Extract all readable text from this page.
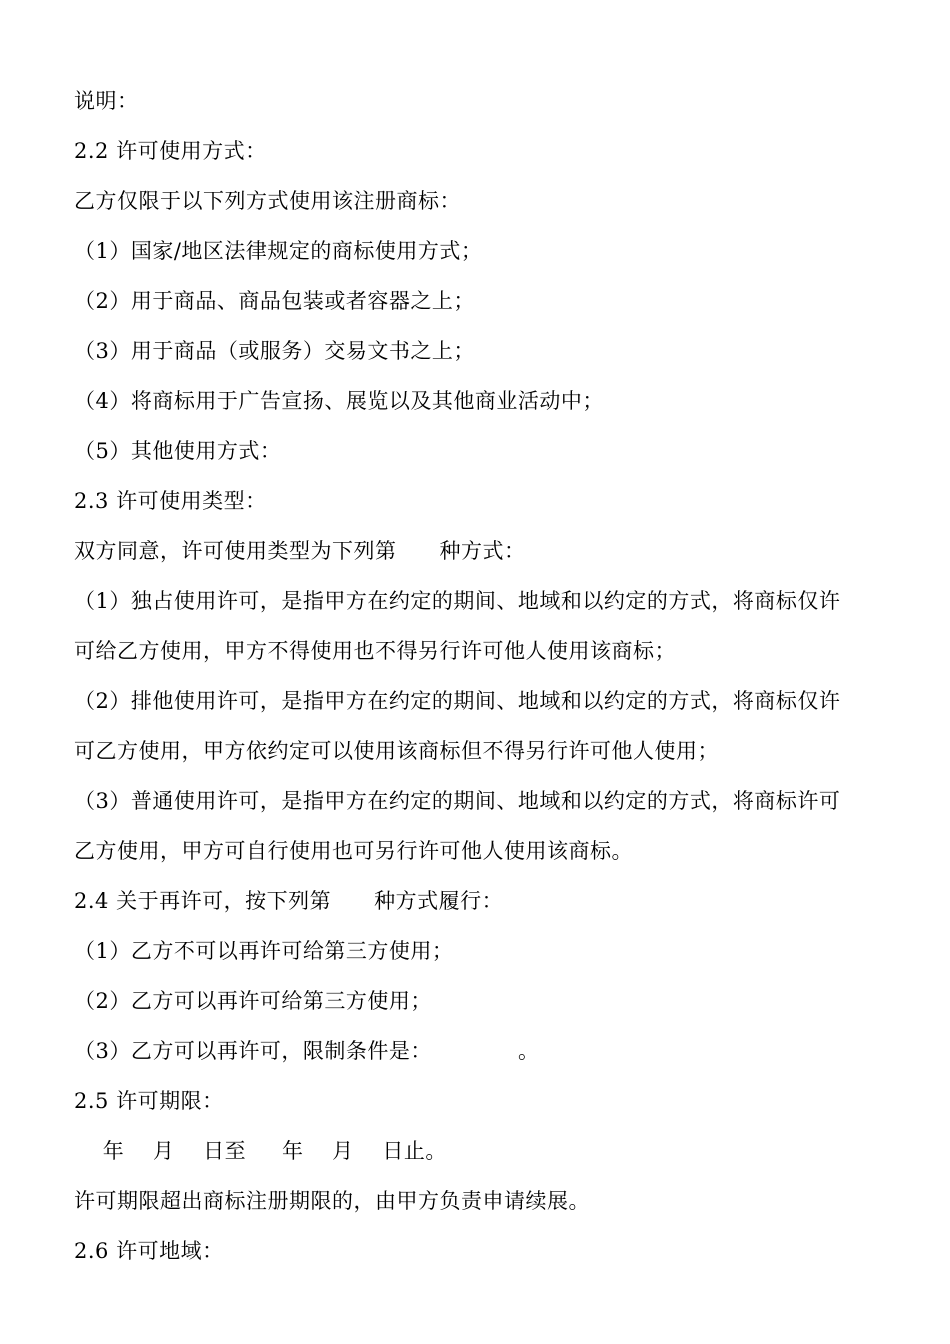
说明：
2.2 许可使用方式：
乙方仅限于以下列方式使用该注册商标：
（1）国家/地区法律规定的商标使用方式；
（2）用于商品、商品包装或者容器之上；
（3）用于商品（或服务）交易文书之上；
（4）将商标用于广告宣扬、展览以及其他商业活动中；
（5）其他使用方式：
2.3 许可使用类型：
双方同意，许可使用类型为下列第      种方式：
（1）独占使用许可，是指甲方在约定的期间、地域和以约定的方式，将商标仅许
可给乙方使用，甲方不得使用也不得另行许可他人使用该商标；
（2）排他使用许可，是指甲方在约定的期间、地域和以约定的方式，将商标仅许
可乙方使用，甲方依约定可以使用该商标但不得另行许可他人使用；
（3）普通使用许可，是指甲方在约定的期间、地域和以约定的方式，将商标许可
乙方使用，甲方可自行使用也可另行许可他人使用该商标。
2.4 关于再许可，按下列第      种方式履行：
（1）乙方不可以再许可给第三方使用；
（2）乙方可以再许可给第三方使用；
（3）乙方可以再许可，限制条件是：            。
2.5 许可期限：
年    月    日至     年    月    日止。
许可期限超出商标注册期限的，由甲方负责申请续展。
2.6 许可地域：
